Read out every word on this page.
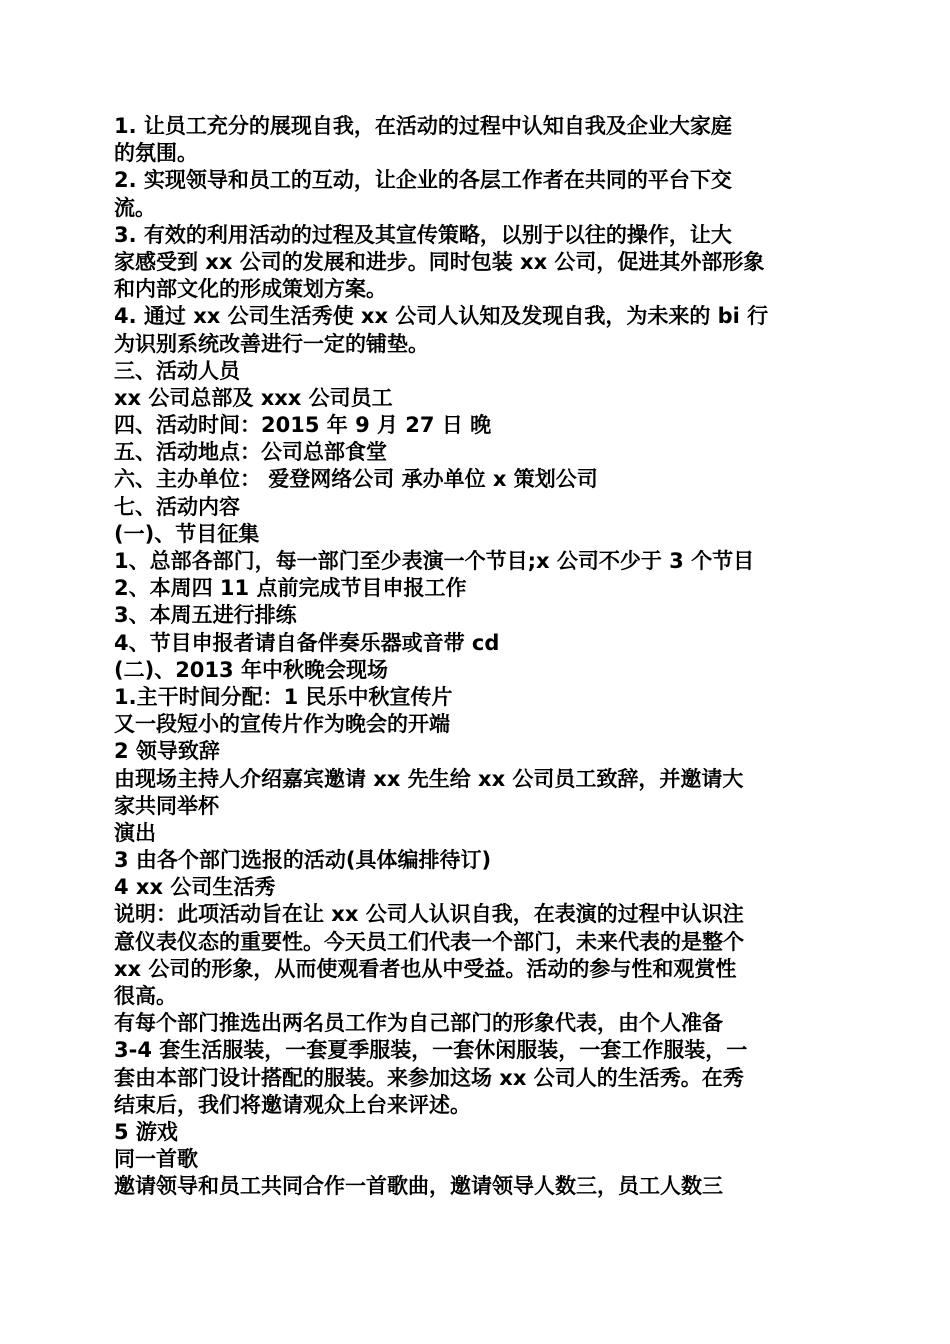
1. 让员工充分的展现自我，在活动的过程中认知自我及企业大家庭
的氛围。
2. 实现领导和员工的互动，让企业的各层工作者在共同的平台下交
流。
3. 有效的利用活动的过程及其宣传策略，以别于以往的操作，让大
家感受到 xx 公司的发展和进步。同时包装 xx 公司，促进其外部形象
和内部文化的形成策划方案。
4. 通过 xx 公司生活秀使 xx 公司人认知及发现自我，为未来的 bi 行
为识别系统改善进行一定的铺垫。
三、活动人员
xx 公司总部及 xxx 公司员工
四、活动时间：2015 年 9 月 27 日 晚
五、活动地点：公司总部食堂
六、主办单位： 爱登网络公司 承办单位 x 策划公司
七、活动内容
(一)、节目征集
1、总部各部门，每一部门至少表演一个节目;x 公司不少于 3 个节目
2、本周四 11 点前完成节目申报工作
3、本周五进行排练
4、节目申报者请自备伴奏乐器或音带 cd
(二)、2013 年中秋晚会现场
1.主干时间分配：1 民乐中秋宣传片
又一段短小的宣传片作为晚会的开端
2 领导致辞
由现场主持人介绍嘉宾邀请 xx 先生给 xx 公司员工致辞，并邀请大
家共同举杯
演出
3 由各个部门选报的活动(具体编排待订)
4 xx 公司生活秀
说明：此项活动旨在让 xx 公司人认识自我，在表演的过程中认识注
意仪表仪态的重要性。今天员工们代表一个部门，未来代表的是整个
xx 公司的形象，从而使观看者也从中受益。活动的参与性和观赏性
很高。
有每个部门推选出两名员工作为自己部门的形象代表，由个人准备
3-4 套生活服装，一套夏季服装，一套休闲服装，一套工作服装，一
套由本部门设计搭配的服装。来参加这场 xx 公司人的生活秀。在秀
结束后，我们将邀请观众上台来评述。
5 游戏
同一首歌
邀请领导和员工共同合作一首歌曲，邀请领导人数三，员工人数三
